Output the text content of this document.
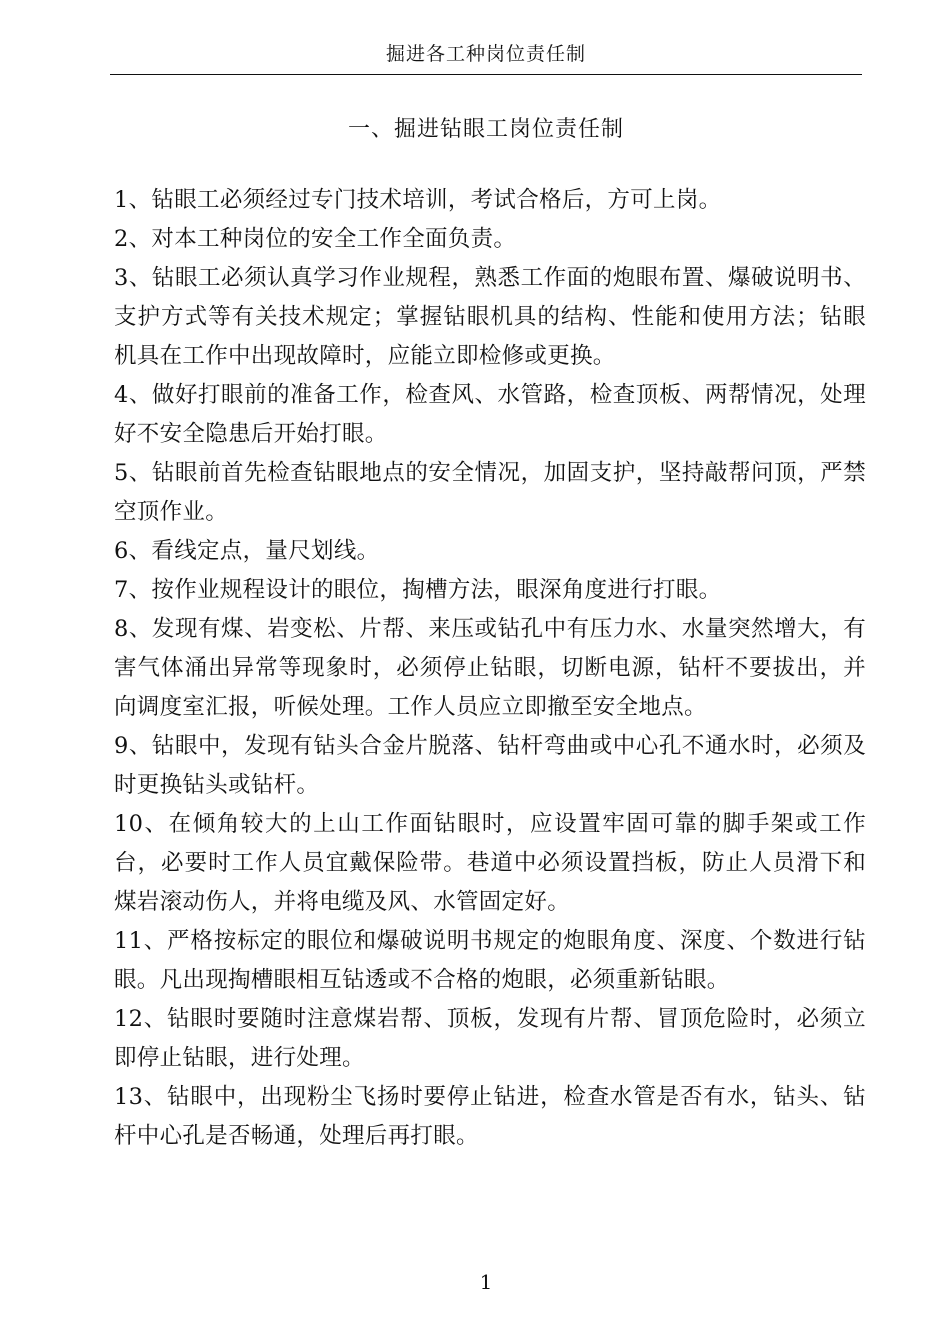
掘进各工种岗位责任制
一、掘进钻眼工岗位责任制

1、钻眼工必须经过专门技术培训，考试合格后，方可上岗。

2、对本工种岗位的安全工作全面负责。

3、钻眼工必须认真学习作业规程，熟悉工作面的炮眼布置、爆破说明书、支护方式等有关技术规定；掌握钻眼机具的结构、性能和使用方法；钻眼机具在工作中出现故障时，应能立即检修或更换。

4、做好打眼前的准备工作，检查风、水管路，检查顶板、两帮情况，处理好不安全隐患后开始打眼。

5、钻眼前首先检查钻眼地点的安全情况，加固支护，坚持敲帮问顶，严禁空顶作业。

6、看线定点，量尺划线。

7、按作业规程设计的眼位，掏槽方法，眼深角度进行打眼。

8、发现有煤、岩变松、片帮、来压或钻孔中有压力水、水量突然增大，有害气体涌出异常等现象时，必须停止钻眼，切断电源，钻杆不要拔出，并向调度室汇报，听候处理。工作人员应立即撤至安全地点。

9、钻眼中，发现有钻头合金片脱落、钻杆弯曲或中心孔不通水时，必须及时更换钻头或钻杆。

10、在倾角较大的上山工作面钻眼时，应设置牢固可靠的脚手架或工作台，必要时工作人员宜戴保险带。巷道中必须设置挡板，防止人员滑下和煤岩滚动伤人，并将电缆及风、水管固定好。

11、严格按标定的眼位和爆破说明书规定的炮眼角度、深度、个数进行钻眼。凡出现掏槽眼相互钻透或不合格的炮眼，必须重新钻眼。

12、钻眼时要随时注意煤岩帮、顶板，发现有片帮、冒顶危险时，必须立即停止钻眼，进行处理。

13、钻眼中，出现粉尘飞扬时要停止钻进，检查水管是否有水，钻头、钻杆中心孔是否畅通，处理后再打眼。

1
